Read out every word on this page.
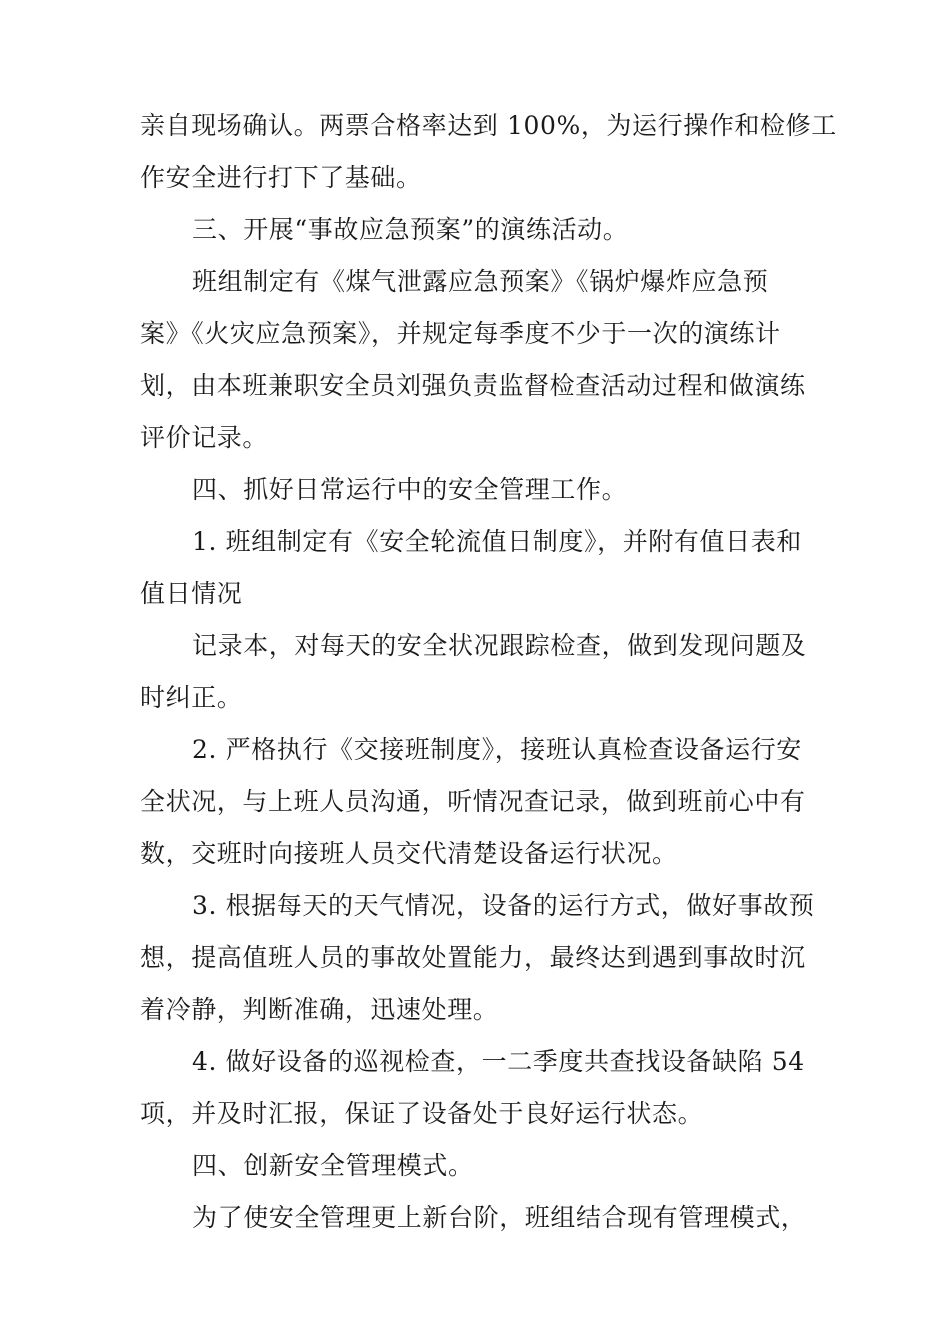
亲自现场确认。两票合格率达到 100%，为运行操作和检修工
作安全进行打下了基础。
三、开展“事故应急预案”的演练活动。
班组制定有《煤气泄露应急预案》《锅炉爆炸应急预
案》《火灾应急预案》，并规定每季度不少于一次的演练计
划，由本班兼职安全员刘强负责监督检查活动过程和做演练
评价记录。
四、抓好日常运行中的安全管理工作。
1. 班组制定有《安全轮流值日制度》，并附有值日表和
值日情况
记录本，对每天的安全状况跟踪检查，做到发现问题及
时纠正。
2. 严格执行《交接班制度》，接班认真检查设备运行安
全状况，与上班人员沟通，听情况查记录，做到班前心中有
数，交班时向接班人员交代清楚设备运行状况。
3. 根据每天的天气情况，设备的运行方式，做好事故预
想，提高值班人员的事故处置能力，最终达到遇到事故时沉
着冷静，判断准确，迅速处理。
4. 做好设备的巡视检查，一二季度共查找设备缺陷 54
项，并及时汇报，保证了设备处于良好运行状态。
四、创新安全管理模式。
为了使安全管理更上新台阶，班组结合现有管理模式，
